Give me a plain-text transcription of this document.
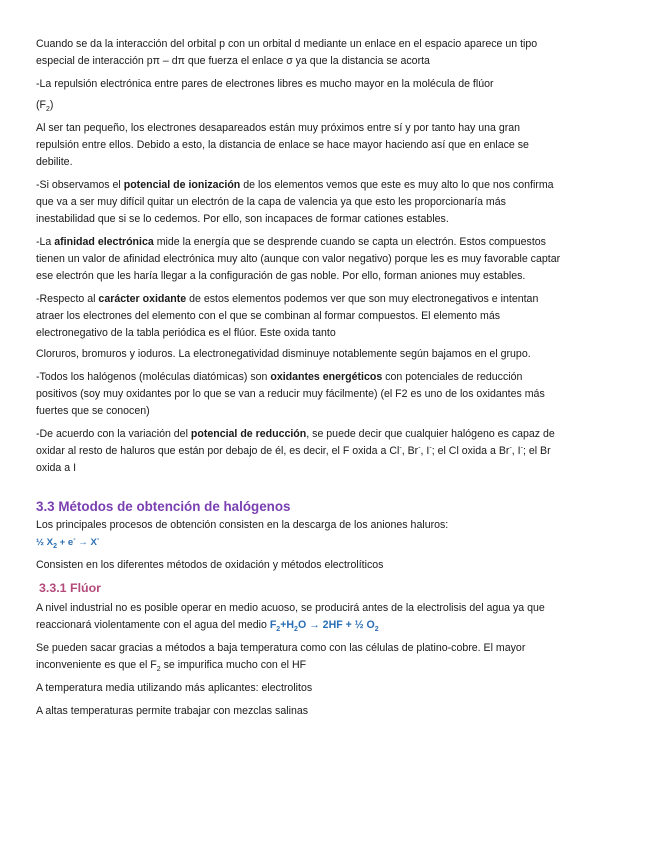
Cuando se da la interacción del orbital p con un orbital d mediante un enlace en el espacio aparece un tipo especial de interacción pπ – dπ que fuerza el enlace σ ya que la distancia se acorta

-La repulsión electrónica entre pares de electrones libres es mucho mayor en la molécula de flúor

$(F_2)$

Al ser tan pequeño, los electrones desapareados están muy próximos entre sí y por tanto hay una gran repulsión entre ellos. Debido a esto, la distancia de enlace se hace mayor haciendo así que en enlace se debilite.

-Si observamos el potencial de ionización de los elementos vemos que este es muy alto lo que nos confirma que va a ser muy difícil quitar un electrón de la capa de valencia ya que esto les proporcionaría más inestabilidad que si se lo cedemos. Por ello, son incapaces de formar cationes estables.

-La afinidad electrónica mide la energía que se desprende cuando se capta un electrón. Estos compuestos tienen un valor de afinidad electrónica muy alto (aunque con valor negativo) porque les es muy favorable captar ese electrón que les haría llegar a la configuración de gas noble. Por ello, forman aniones muy estables.

-Respecto al carácter oxidante de estos elementos podemos ver que son muy electronegativos e intentan atraer los electrones del elemento con el que se combinan al formar compuestos. El elemento más electronegativo de la tabla periódica es el flúor. Este oxida tanto

Cloruros, bromuros y ioduros. La electronegatividad disminuye notablemente según bajamos en el grupo.

-Todos los halógenos (moléculas diatómicas) son oxidantes energéticos con potenciales de reducción positivos (soy muy oxidantes por lo que se van a reducir muy fácilmente) (el F2 es uno de los oxidantes más fuertes que se conocen)

-De acuerdo con la variación del potencial de reducción, se puede decir que cualquier halógeno es capaz de oxidar al resto de haluros que están por debajo de él, es decir, el F oxida a Cl-, Br-, I-; el Cl oxida a Br-, I-; el Br oxida a I

3.3 Métodos de obtención de halógenos

Los principales procesos de obtención consisten en la descarga de los aniones haluros:

½ $X_2 + e^- \to X^-$

Consisten en los diferentes métodos de oxidación y métodos electrolíticos

3.3.1 Flúor

A nivel industrial no es posible operar en medio acuoso, se producirá antes de la electrolisis del agua ya que reaccionará violentamente con el agua del medio $F_2+H_2O \to 2HF$ + ½ $O_2$

Se pueden sacar gracias a métodos a baja temperatura como con las células de platino-cobre. El mayor inconveniente es que el $F_2$ se impurifica mucho con el HF

A temperatura media utilizando más aplicantes: electrolitos

A altas temperaturas permite trabajar con mezclas salinas
